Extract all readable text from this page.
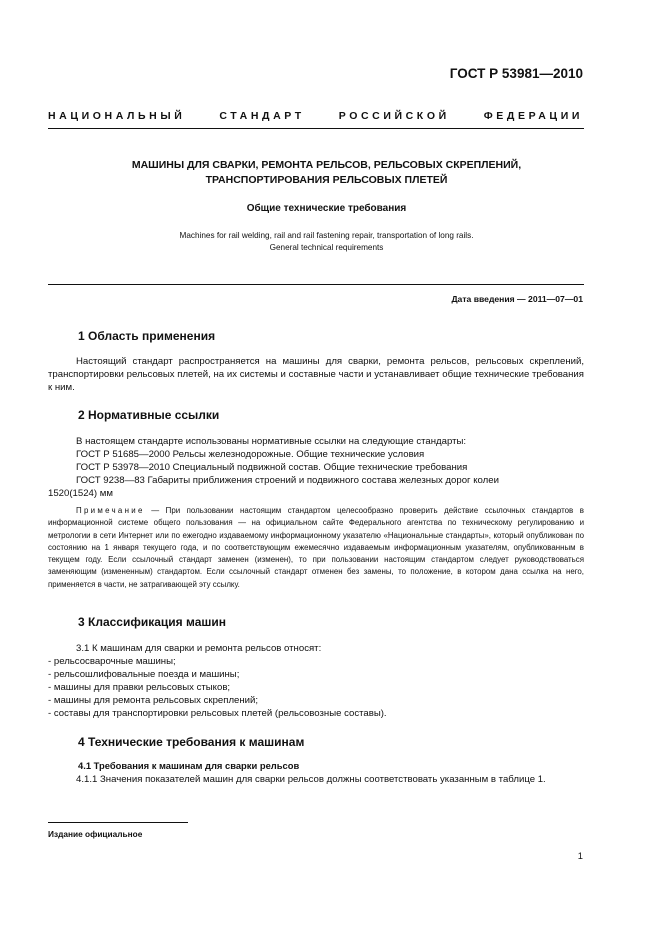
ГОСТ Р 53981—2010
НАЦИОНАЛЬНЫЙ	СТАНДАРТ	РОССИЙСКОЙ	ФЕДЕРАЦИИ
МАШИНЫ ДЛЯ СВАРКИ, РЕМОНТА РЕЛЬСОВ, РЕЛЬСОВЫХ СКРЕПЛЕНИЙ,
ТРАНСПОРТИРОВАНИЯ РЕЛЬСОВЫХ ПЛЕТЕЙ
Общие технические требования
Machines for rail welding, rail and rail fastening repair, transportation of long rails.
General technical requirements
Дата введения — 2011—07—01
1 Область применения
Настоящий стандарт распространяется на машины для сварки, ремонта рельсов, рельсовых скреплений, транспортировки рельсовых плетей, на их системы и составные части и устанавливает общие технические требования к ним.
2 Нормативные ссылки
В настоящем стандарте использованы нормативные ссылки на следующие стандарты:
ГОСТ Р 51685—2000 Рельсы железнодорожные. Общие технические условия
ГОСТ Р 53978—2010 Специальный подвижной состав. Общие технические требования
ГОСТ 9238—83 Габариты приближения строений и подвижного состава железных дорог колеи
1520(1524) мм
Примечание — При пользовании настоящим стандартом целесообразно проверить действие ссылочных стандартов в информационной системе общего пользования — на официальном сайте Федерального агентства по техническому регулированию и метрологии в сети Интернет или по ежегодно издаваемому информационному указателю «Национальные стандарты», который опубликован по состоянию на 1 января текущего года, и по соответствующим ежемесячно издаваемым информационным указателям, опубликованным в текущем году. Если ссылочный стандарт заменен (изменен), то при пользовании настоящим стандартом следует руководствоваться заменяющим (измененным) стандартом. Если ссылочный стандарт отменен без замены, то положение, в котором дана ссылка на него, применяется в части, не затрагивающей эту ссылку.
3 Классификация машин
3.1 К машинам для сварки и ремонта рельсов относят:
- рельсосварочные машины;
- рельсошлифовальные поезда и машины;
- машины для правки рельсовых стыков;
- машины для ремонта рельсовых скреплений;
- составы для транспортировки рельсовых плетей (рельсовозные составы).
4 Технические требования к машинам
4.1 Требования к машинам для сварки рельсов
4.1.1 Значения показателей машин для сварки рельсов должны соответствовать указанным в таблице 1.
Издание официальное
1
